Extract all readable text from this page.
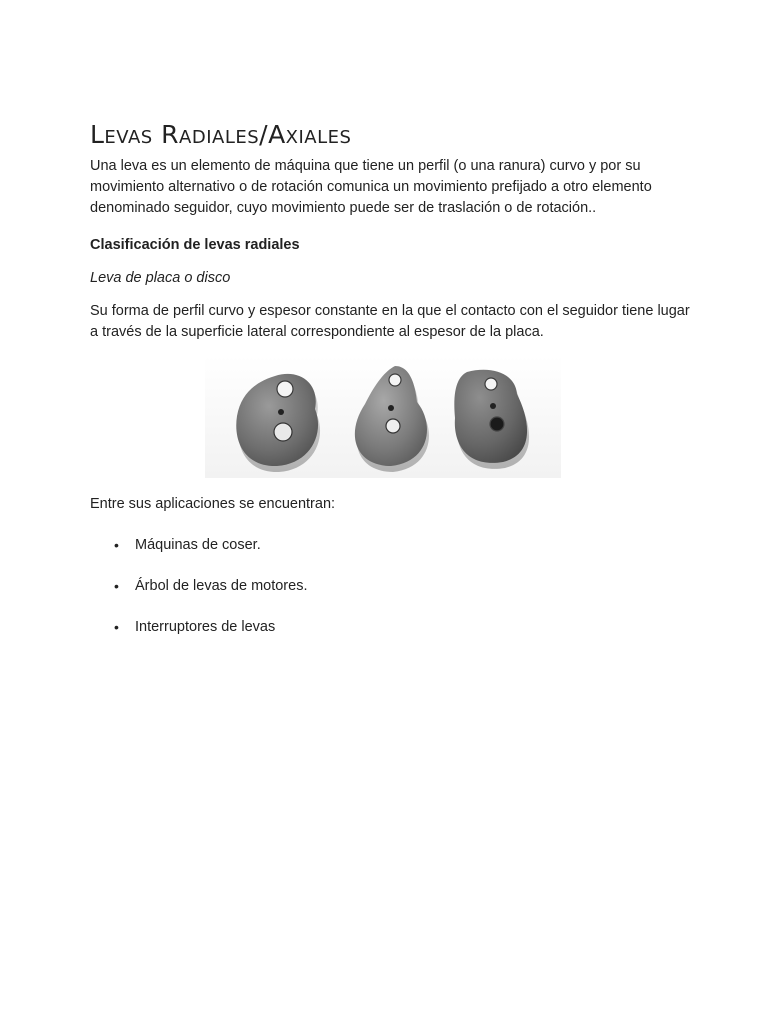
Levas Radiales/Axiales

Una leva es un elemento de máquina que tiene un perfil (o una ranura) curvo y por su movimiento alternativo o de rotación comunica un movimiento prefijado a otro elemento denominado seguidor, cuyo movimiento puede ser de traslación o de rotación..

Clasificación de levas radiales

Leva de placa o disco

Su forma de perfil curvo y espesor constante en la que el contacto con el seguidor tiene lugar a través de la superficie lateral correspondiente al espesor de la placa.

Entre sus aplicaciones se encuentran:

• Máquinas de coser.
• Árbol de levas de motores.
• Interruptores de levas
